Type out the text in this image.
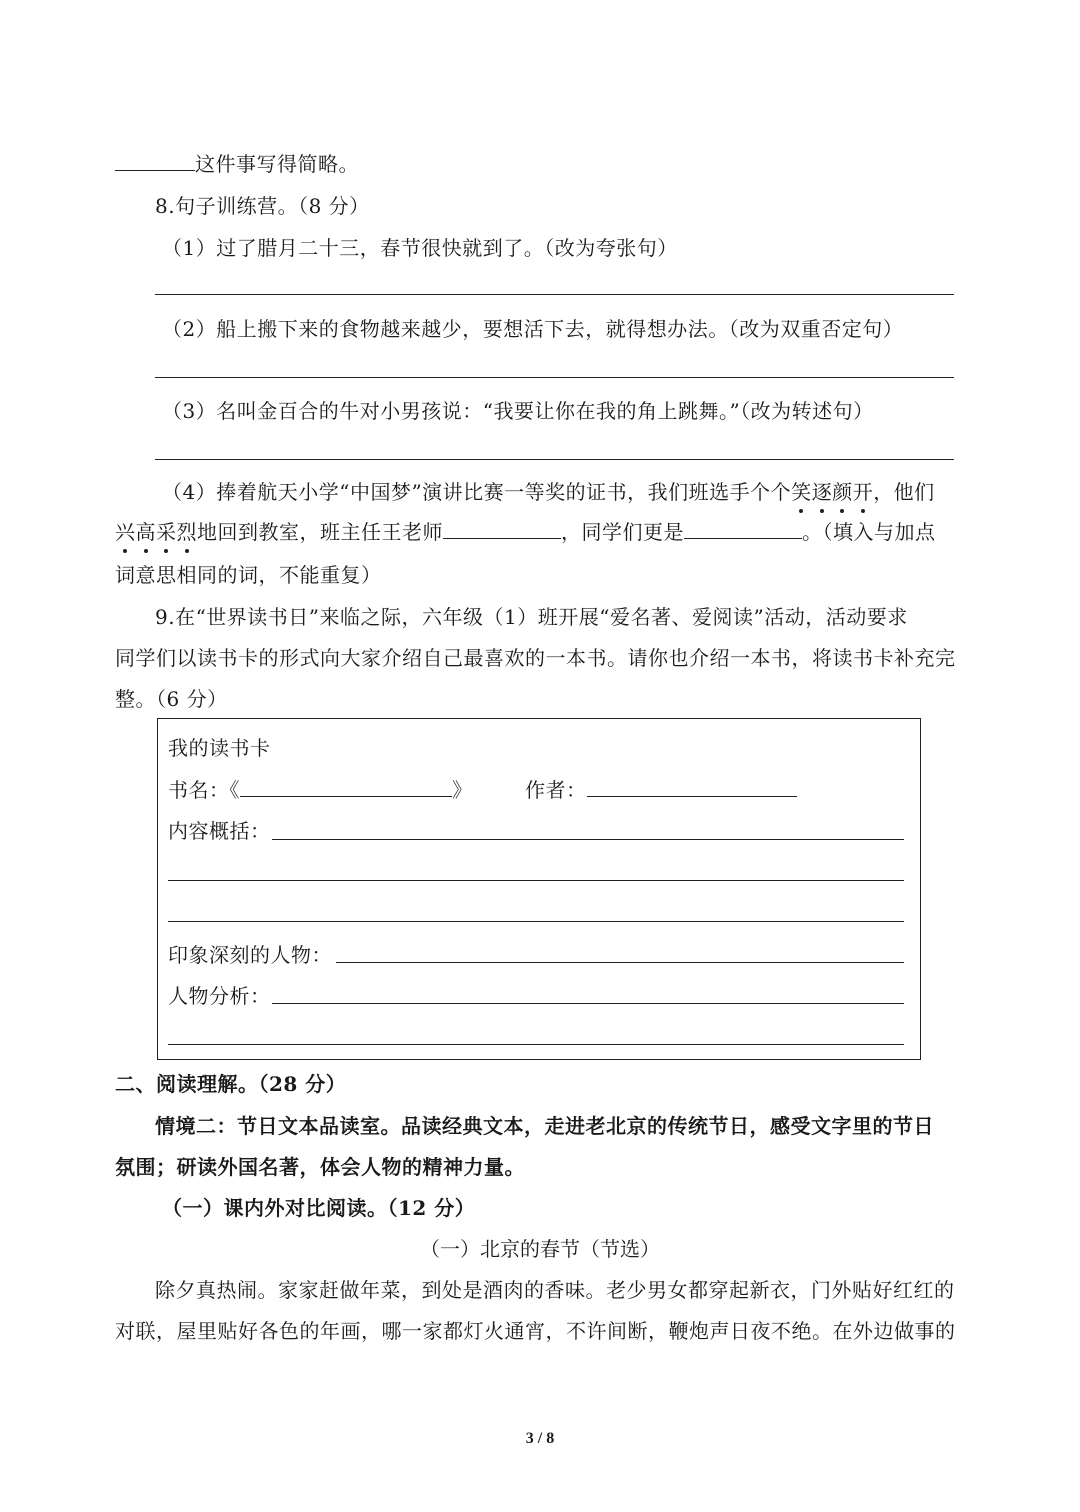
这件事写得简略。
8.句子训练营。（8 分）
（1）过了腊月二十三，春节很快就到了。（改为夸张句）
（2）船上搬下来的食物越来越少，要想活下去，就得想办法。（改为双重否定句）
（3）名叫金百合的牛对小男孩说：“我要让你在我的角上跳舞。”（改为转述句）
（4）捧着航天小学“中国梦”演讲比赛一等奖的证书，我们班选手个个笑逐颜开，他们
兴高采烈地回到教室，班主任王老师	，同学们更是	。（填入与加点
词意思相同的词，不能重复）
9.在“世界读书日”来临之际，六年级（1）班开展“爱名著、爱阅读”活动，活动要求
同学们以读书卡的形式向大家介绍自己最喜欢的一本书。请你也介绍一本书，将读书卡补充完
整。（6 分）
我的读书卡
书名：《	》	作者：
内容概括：
印象深刻的人物：
人物分析：
二、阅读理解。（28 分）
情境二：节日文本品读室。品读经典文本，走进老北京的传统节日，感受文字里的节日
氛围；研读外国名著，体会人物的精神力量。
（一）课内外对比阅读。（12 分）
（一）北京的春节（节选）
除夕真热闹。家家赶做年菜，到处是酒肉的香味。老少男女都穿起新衣，门外贴好红红的
对联，屋里贴好各色的年画，哪一家都灯火通宵，不许间断，鞭炮声日夜不绝。在外边做事的
3 / 8
